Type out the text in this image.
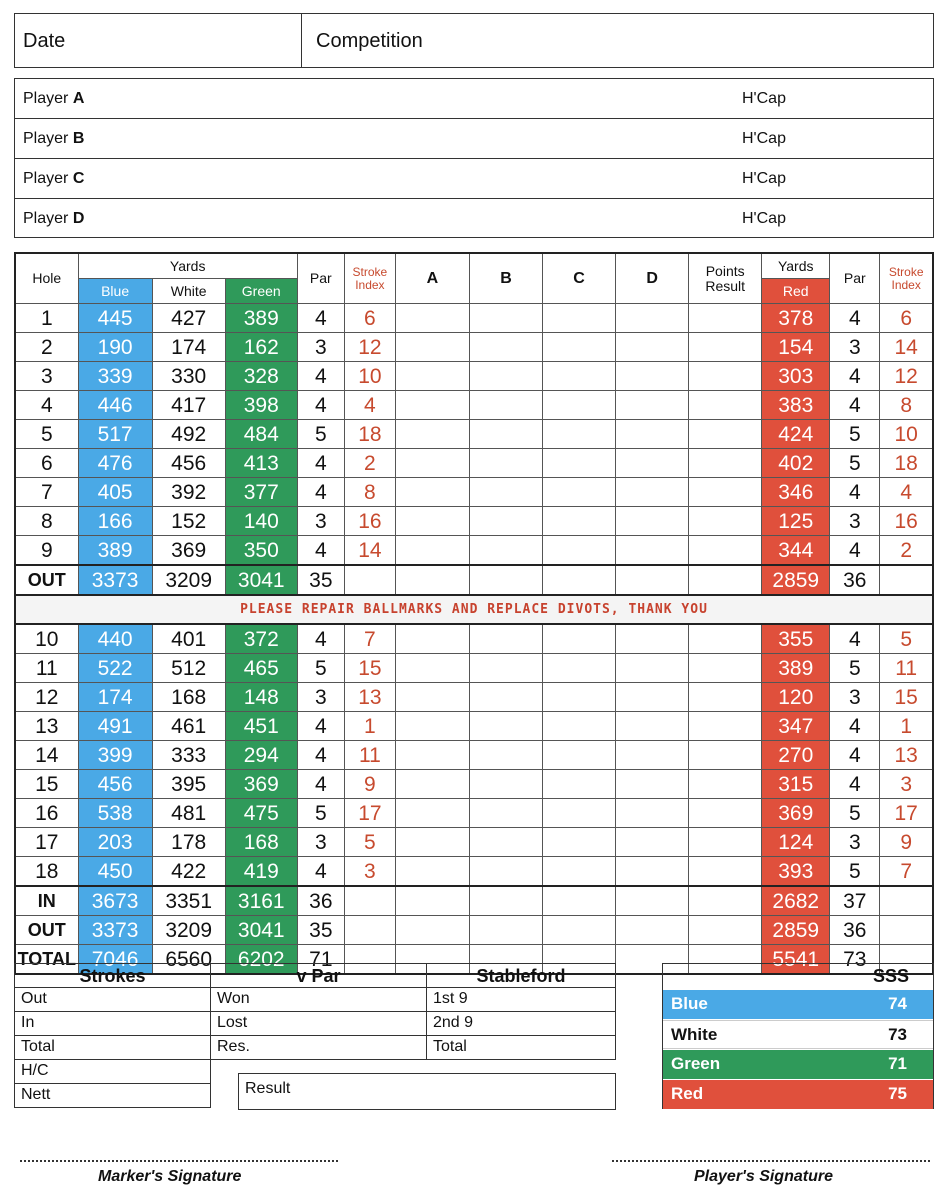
Date	Competition
Player A	H'Cap
Player B	H'Cap
Player C	H'Cap
Player D	H'Cap
Hole	Yards			Par	Stroke Index	A	B	C	D	Points Result	Yards	Par	Stroke Index
	Blue	White	Green								Red		
1	445	427	389	4	6						378	4	6
2	190	174	162	3	12						154	3	14
3	339	330	328	4	10						303	4	12
4	446	417	398	4	4						383	4	8
5	517	492	484	5	18						424	5	10
6	476	456	413	4	2						402	5	18
7	405	392	377	4	8						346	4	4
8	166	152	140	3	16						125	3	16
9	389	369	350	4	14						344	4	2
OUT	3373	3209	3041	35							2859	36	
PLEASE REPAIR BALLMARKS AND REPLACE DIVOTS, THANK YOU													
10	440	401	372	4	7						355	4	5
11	522	512	465	5	15						389	5	11
12	174	168	148	3	13						120	3	15
13	491	461	451	4	1						347	4	1
14	399	333	294	4	11						270	4	13
15	456	395	369	4	9						315	4	3
16	538	481	475	5	17						369	5	17
17	203	178	168	3	5						124	3	9
18	450	422	419	4	3						393	5	7
IN	3673	3351	3161	36							2682	37	
OUT	3373	3209	3041	35							2859	36	
TOTAL	7046	6560	6202	71							5541	73	
Strokes	v Par	Stableford
Out	Won	1st 9
In	Lost	2nd 9
Total	Res.	Total
H/C
Nett	Result
SSS
Blue	74
White	73
Green	71
Red	75
Marker's Signature	Player's Signature
